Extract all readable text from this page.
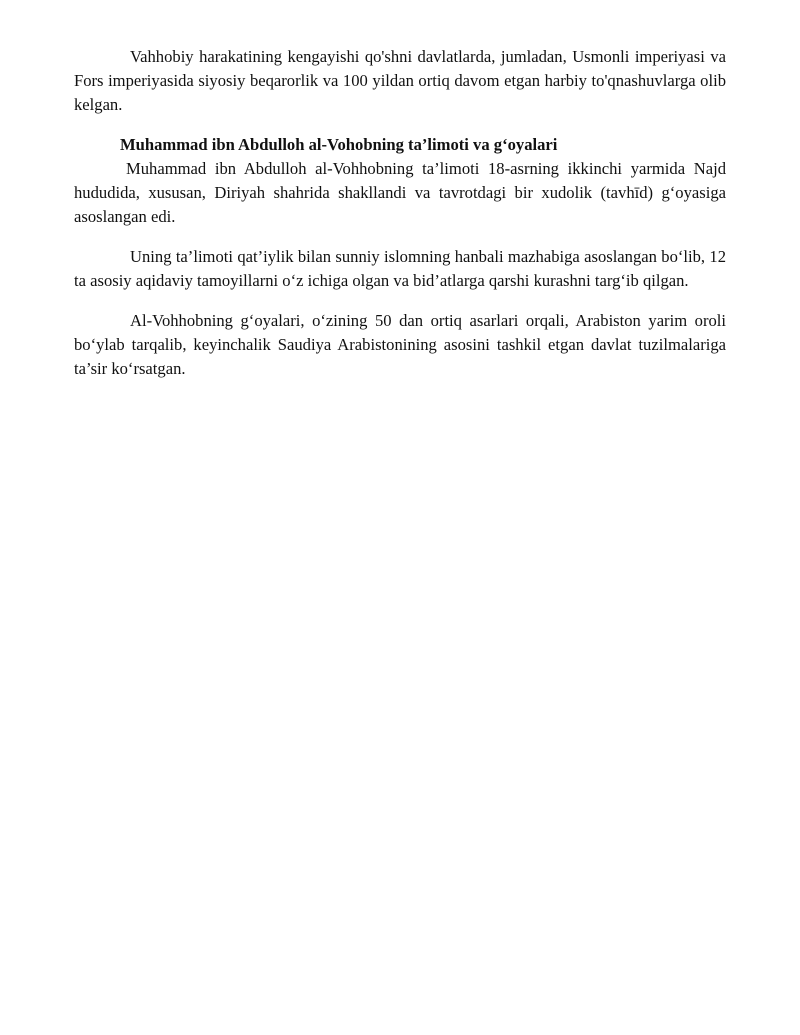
Vahhobiy harakatining kengayishi qo'shni davlatlarda, jumladan, Usmonli imperiyasi va Fors imperiyasida siyosiy beqarorlik va 100 yildan ortiq davom etgan harbiy to'qnashuvlarga olib kelgan.

Muhammad ibn Abdulloh al-Vohobning ta’limoti va g‘oyalari

Muhammad ibn Abdulloh al-Vohhobning ta’limoti 18-asrning ikkinchi yarmida Najd hududida, xususan, Diriyah shahrida shakllandi va tavrotdagi bir xudolik (tavhīd) g‘oyasiga asoslangan edi.

Uning ta’limoti qat’iylik bilan sunniy islomning hanbali mazhabiga asoslangan bo‘lib, 12 ta asosiy aqidaviy tamoyillarni o‘z ichiga olgan va bid’atlarga qarshi kurashni targ‘ib qilgan.

Al-Vohhobning g‘oyalari, o‘zining 50 dan ortiq asarlari orqali, Arabiston yarim oroli bo‘ylab tarqalib, keyinchalik Saudiya Arabistonining asosini tashkil etgan davlat tuzilmalariga ta’sir ko‘rsatgan.
